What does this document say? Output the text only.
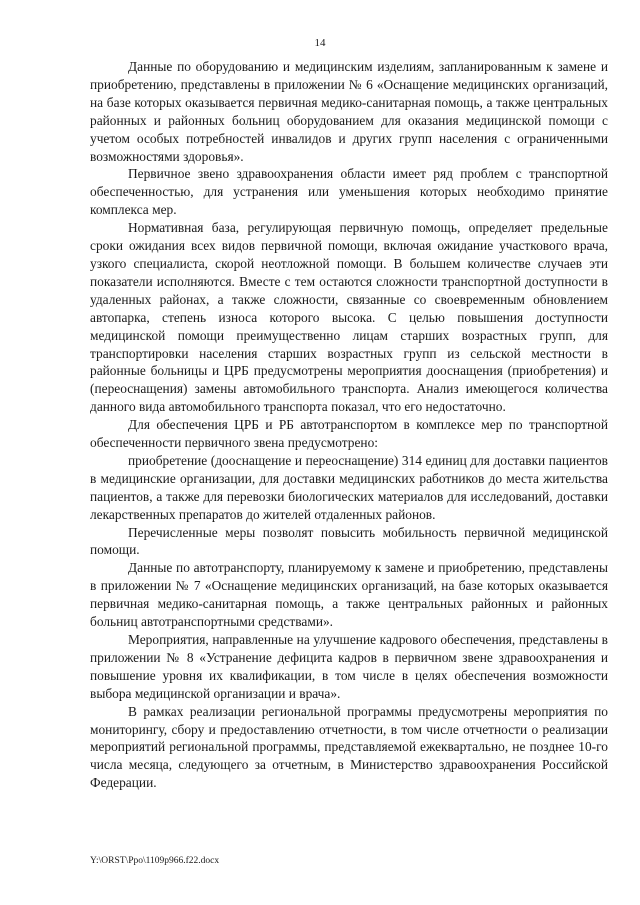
14

Данные по оборудованию и медицинским изделиям, запланированным к замене и приобретению, представлены в приложении № 6 «Оснащение медицинских организаций, на базе которых оказывается первичная медико-санитарная помощь, а также центральных районных и районных больниц оборудованием для оказания медицинской помощи с учетом особых потребностей инвалидов и других групп населения с ограниченными возможностями здоровья».

Первичное звено здравоохранения области имеет ряд проблем с транспортной обеспеченностью, для устранения или уменьшения которых необходимо принятие комплекса мер.

Нормативная база, регулирующая первичную помощь, определяет предельные сроки ожидания всех видов первичной помощи, включая ожидание участкового врача, узкого специалиста, скорой неотложной помощи. В большем количестве случаев эти показатели исполняются. Вместе с тем остаются сложности транспортной доступности в удаленных районах, а также сложности, связанные со своевременным обновлением автопарка, степень износа которого высока. С целью повышения доступности медицинской помощи преимущественно лицам старших возрастных групп, для транспортировки населения старших возрастных групп из сельской местности в районные больницы и ЦРБ предусмотрены мероприятия дооснащения (приобретения) и (переоснащения) замены автомобильного транспорта. Анализ имеющегося количества данного вида автомобильного транспорта показал, что его недостаточно.

Для обеспечения ЦРБ и РБ автотранспортом в комплексе мер по транспортной обеспеченности первичного звена предусмотрено:

приобретение (дооснащение и переоснащение) 314 единиц для доставки пациентов в медицинские организации, для доставки медицинских работников до места жительства пациентов, а также для перевозки биологических материалов для исследований, доставки лекарственных препаратов до жителей отдаленных районов.

Перечисленные меры позволят повысить мобильность первичной медицинской помощи.

Данные по автотранспорту, планируемому к замене и приобретению, представлены в приложении № 7 «Оснащение медицинских организаций, на базе которых оказывается первичная медико-санитарная помощь, а также центральных районных и районных больниц автотранспортными средствами».

Мероприятия, направленные на улучшение кадрового обеспечения, представлены в приложении № 8 «Устранение дефицита кадров в первичном звене здравоохранения и повышение уровня их квалификации, в том числе в целях обеспечения возможности выбора медицинской организации и врача».

В рамках реализации региональной программы предусмотрены мероприятия по мониторингу, сбору и предоставлению отчетности, в том числе отчетности о реализации мероприятий региональной программы, представляемой ежеквартально, не позднее 10-го числа месяца, следующего за отчетным, в Министерство здравоохранения Российской Федерации.

Y:\ORST\Ppo\1109p966.f22.docx
